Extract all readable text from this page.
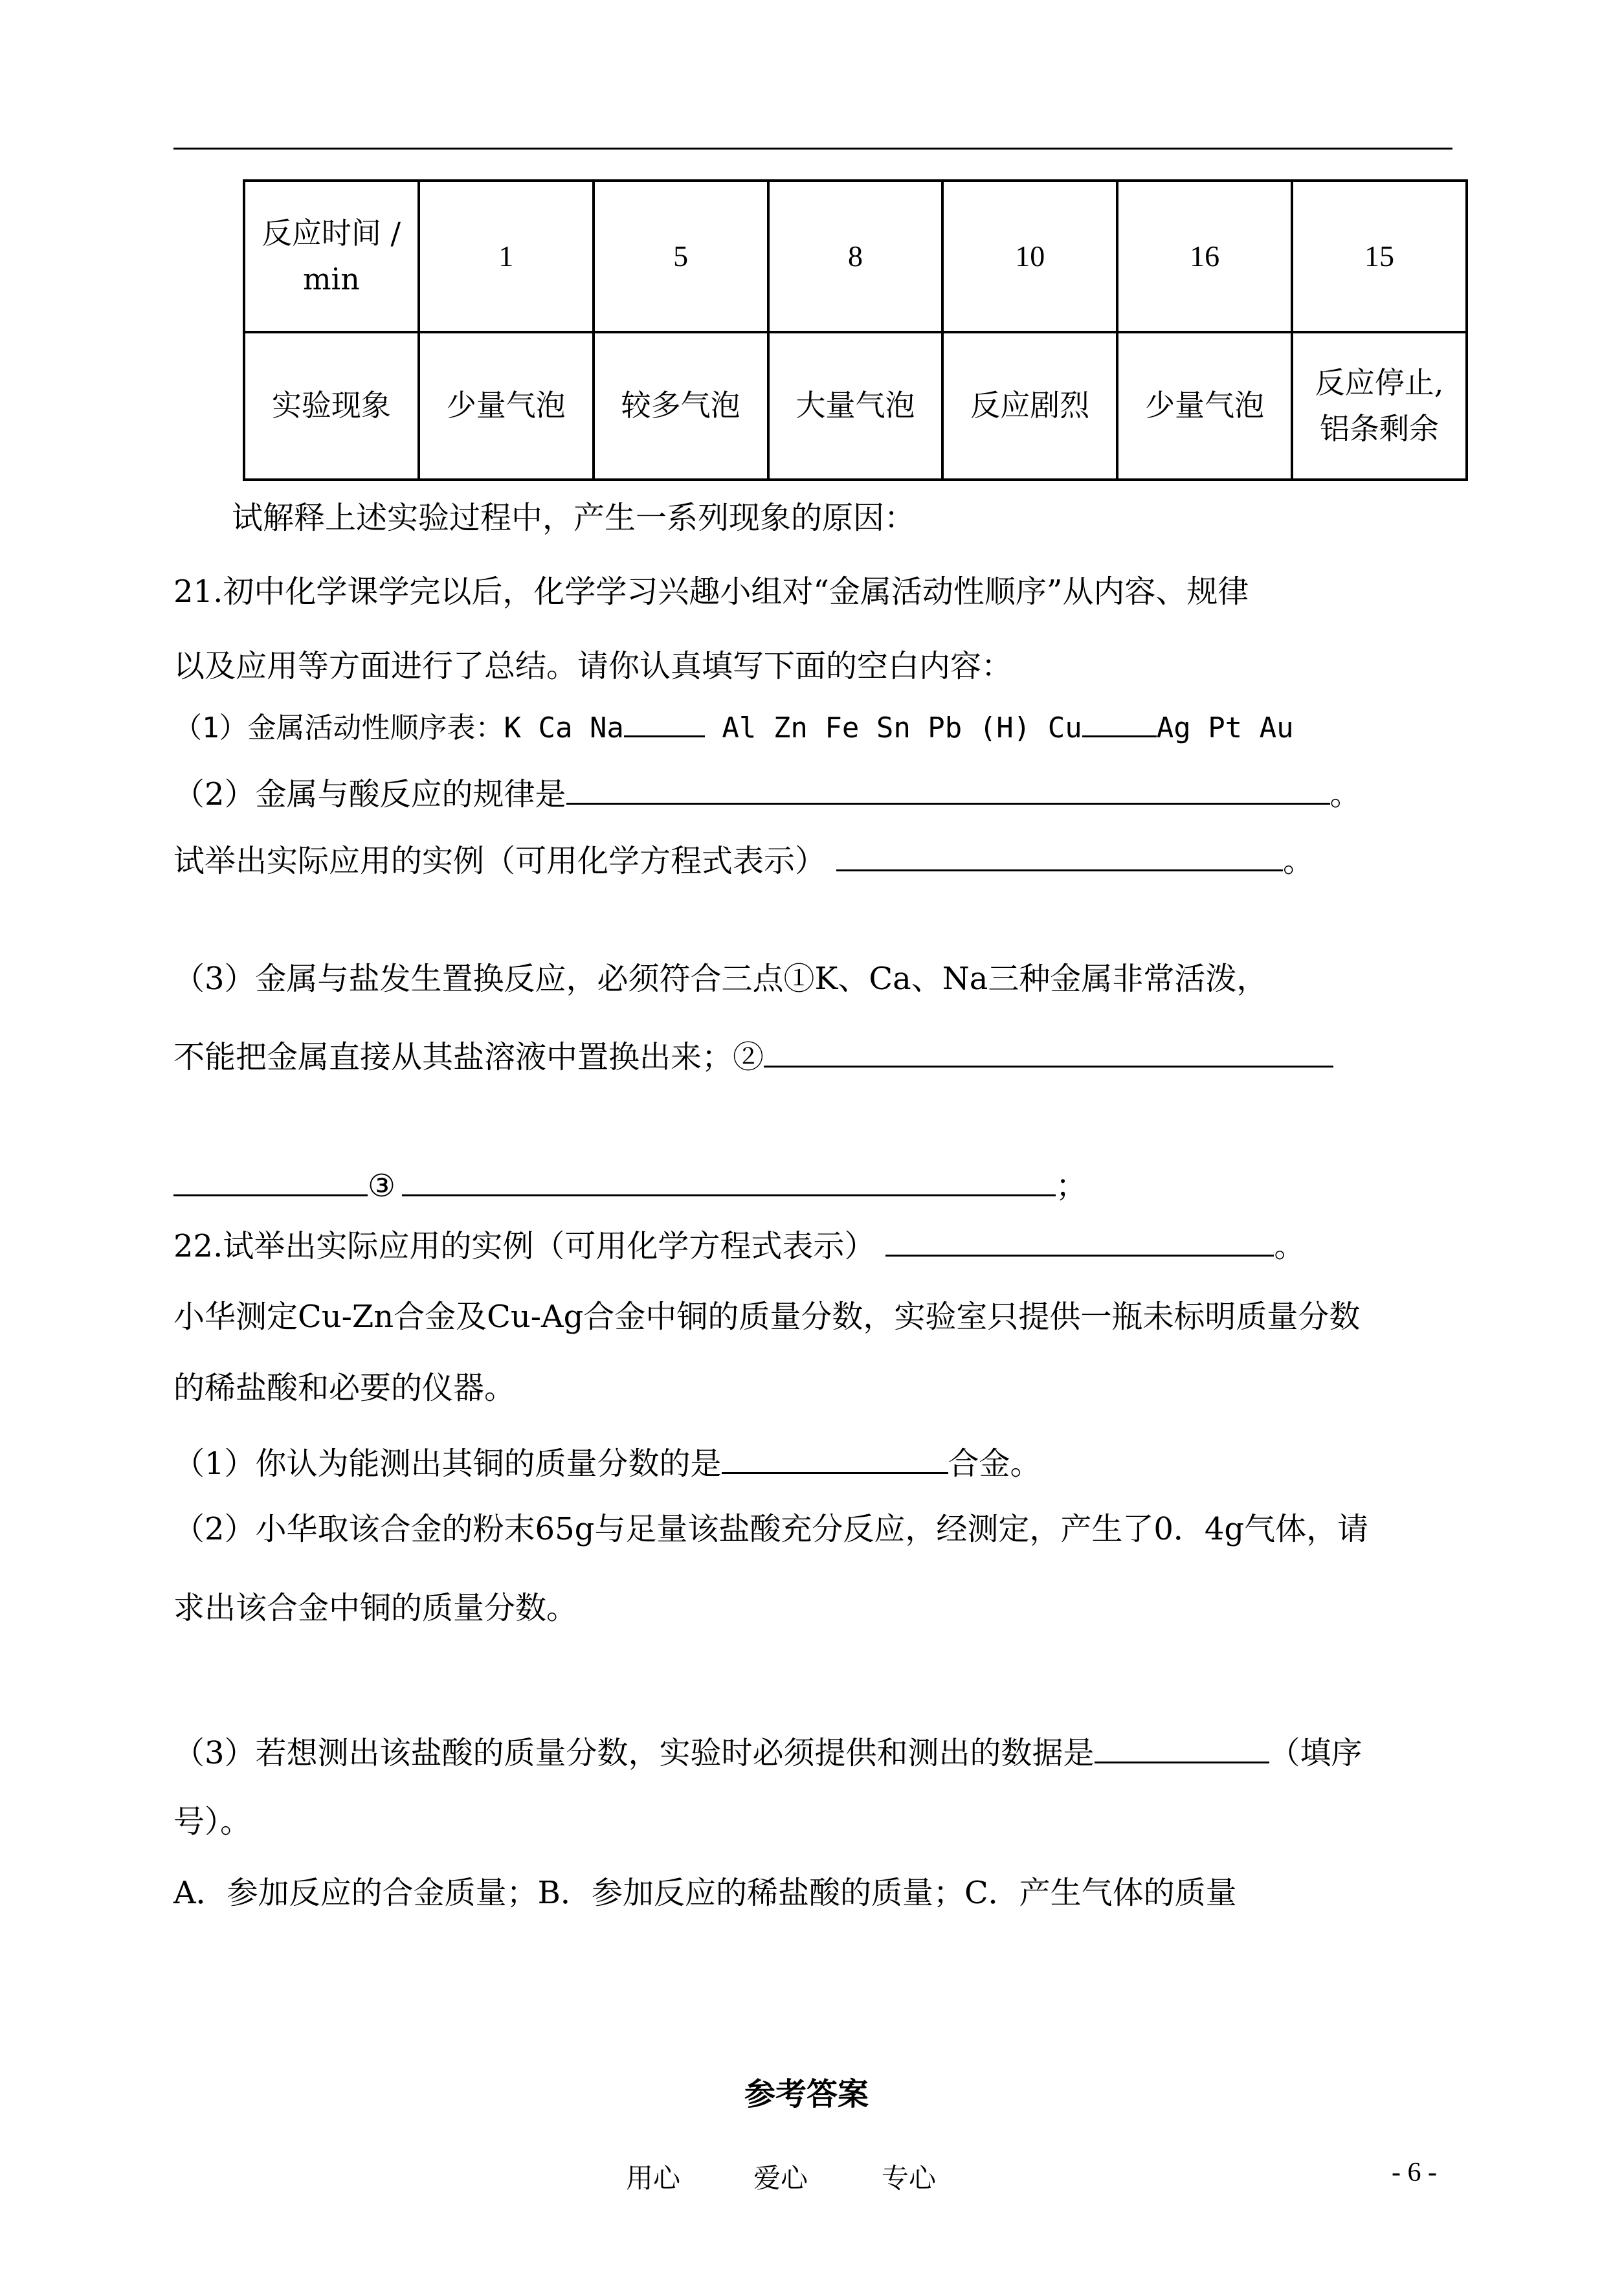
反应时间 /
min	1	5	8	10	16	15
实验现象	少量气泡	较多气泡	大量气泡	反应剧烈	少量气泡	反应停止,
铝条剩余
试解释上述实验过程中，产生一系列现象的原因：
21.初中化学课学完以后，化学学习兴趣小组对“金属活动性顺序”从内容、规律
以及应用等方面进行了总结。请你认真填写下面的空白内容：
（1）金属活动性顺序表：K Ca Na	Al Zn Fe Sn Pb (H) Cu	Ag Pt Au
（2）金属与酸反应的规律是	。
试举出实际应用的实例（可用化学方程式表示）	。
（3）金属与盐发生置换反应，必须符合三点①K、Ca、Na三种金属非常活泼，
不能把金属直接从其盐溶液中置换出来；②
③	；
22.试举出实际应用的实例（可用化学方程式表示）	。
小华测定Cu-Zn合金及Cu-Ag合金中铜的质量分数，实验室只提供一瓶未标明质量分数
的稀盐酸和必要的仪器。
（1）你认为能测出其铜的质量分数的是	合金。
（2）小华取该合金的粉末65g与足量该盐酸充分反应，经测定，产生了0．4g气体，请
求出该合金中铜的质量分数。
（3）若想测出该盐酸的质量分数，实验时必须提供和测出的数据是	（填序
号）。
A．参加反应的合金质量；B．参加反应的稀盐酸的质量；C．产生气体的质量
参考答案
用心	爱心	专心	- 6 -
